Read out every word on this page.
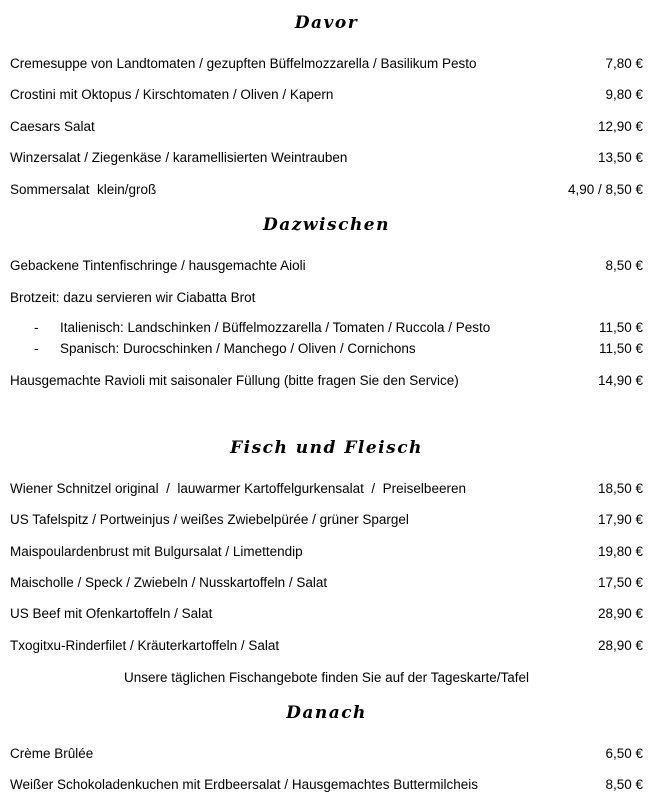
Davor
Cremesuppe von Landtomaten / gezupften Büffelmozzarella / Basilikum Pesto	7,80 €
Crostini mit Oktopus / Kirschtomaten / Oliven / Kapern	9,80 €
Caesars Salat	12,90 €
Winzersalat / Ziegenkäse / karamellisierten Weintrauben	13,50 €
Sommersalat  klein/groß	4,90 / 8,50 €
Dazwischen
Gebackene Tintenfischringe / hausgemachte Aioli	8,50 €
Brotzeit: dazu servieren wir Ciabatta Brot
- Italienisch: Landschinken / Büffelmozzarella / Tomaten / Ruccola / Pesto	11,50 €
- Spanisch: Durocschinken / Manchego / Oliven / Cornichons	11,50 €
Hausgemachte Ravioli mit saisonaler Füllung (bitte fragen Sie den Service)	14,90 €
Fisch und Fleisch
Wiener Schnitzel original  /  lauwarmer Kartoffelgurkensalat  /  Preiselbeeren	18,50 €
US Tafelspitz / Portweinjus / weißes Zwiebelpürée / grüner Spargel	17,90 €
Maispoulardenbrust mit Bulgursalat / Limettendip	19,80 €
Maischolle / Speck / Zwiebeln / Nusskartoffeln / Salat	17,50 €
US Beef mit Ofenkartoffeln / Salat	28,90 €
Txogitxu-Rinderfilet / Kräuterkartoffeln / Salat	28,90 €
Unsere täglichen Fischangebote finden Sie auf der Tageskarte/Tafel
Danach
Crème Brûlée	6,50 €
Weißer Schokoladenkuchen mit Erdbeersalat / Hausgemachtes Buttermilcheis	8,50 €
